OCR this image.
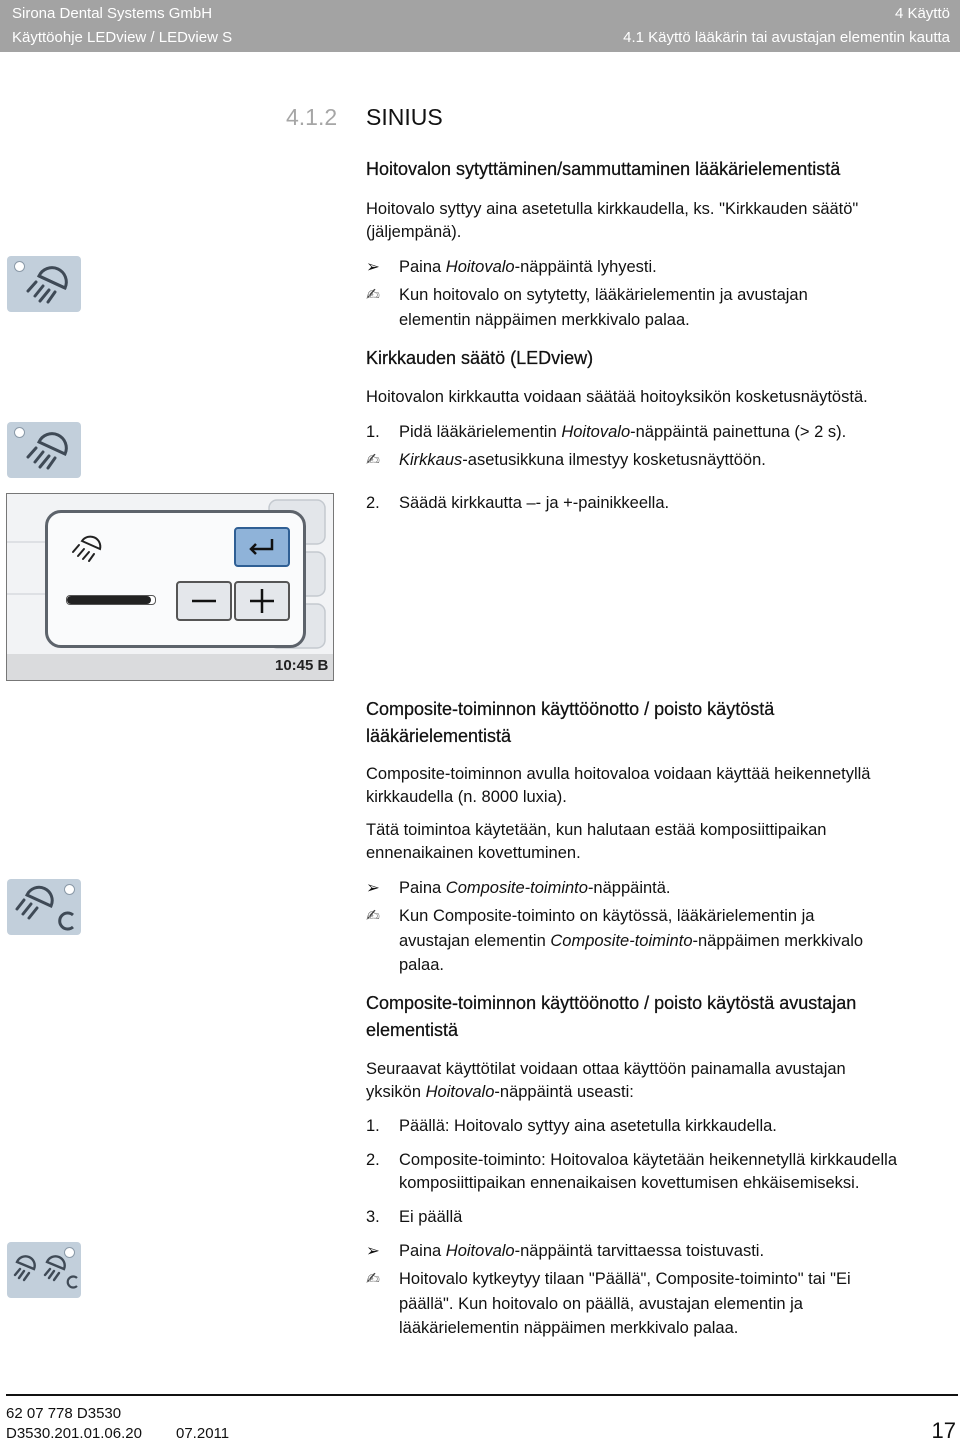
Sirona Dental Systems GmbH
Käyttöohje LEDview / LEDview S
4 Käyttö
4.1 Käyttö lääkärin tai avustajan elementin kautta
4.1.2 SINIUS
Hoitovalon sytyttäminen/sammuttaminen lääkärielementistä
Hoitovalo syttyy aina asetetulla kirkkaudella, ks. "Kirkkauden säätö"
(jäljempänä).
➢	Paina Hoitovalo-näppäintä lyhyesti.
✍	Kun hoitovalo on sytytetty, lääkärielementin ja avustajan
elementin näppäimen merkkivalo palaa.
Kirkkauden säätö (LEDview)
Hoitovalon kirkkautta voidaan säätää hoitoyksikön kosketusnäytöstä.
1.	Pidä lääkärielementin Hoitovalo-näppäintä painettuna (> 2 s).
✍	Kirkkaus-asetusikkuna ilmestyy kosketusnäyttöön.
2.	Säädä kirkkautta –- ja +-painikkeella.
10:45 B
Composite-toiminnon käyttöönotto / poisto käytöstä
lääkärielementistä
Composite-toiminnon avulla hoitovaloa voidaan käyttää heikennetyllä
kirkkaudella (n. 8000 luxia).
Tätä toimintoa käytetään, kun halutaan estää komposiittipaikan
ennenaikainen kovettuminen.
➢	Paina Composite-toiminto-näppäintä.
✍	Kun Composite-toiminto on käytössä, lääkärielementin ja
avustajan elementin Composite-toiminto-näppäimen merkkivalo
palaa.
Composite-toiminnon käyttöönotto / poisto käytöstä avustajan
elementistä
Seuraavat käyttötilat voidaan ottaa käyttöön painamalla avustajan
yksikön Hoitovalo-näppäintä useasti:
1.	Päällä: Hoitovalo syttyy aina asetetulla kirkkaudella.
2.	Composite-toiminto: Hoitovaloa käytetään heikennetyllä kirkkaudella
komposiittipaikan ennenaikaisen kovettumisen ehkäisemiseksi.
3.	Ei päällä
➢	Paina Hoitovalo-näppäintä tarvittaessa toistuvasti.
✍	Hoitovalo kytkeytyy tilaan "Päällä", Composite-toiminto" tai "Ei
päällä". Kun hoitovalo on päällä, avustajan elementin ja
lääkärielementin näppäimen merkkivalo palaa.
62 07 778 D3530
D3530.201.01.06.20 07.2011	17
